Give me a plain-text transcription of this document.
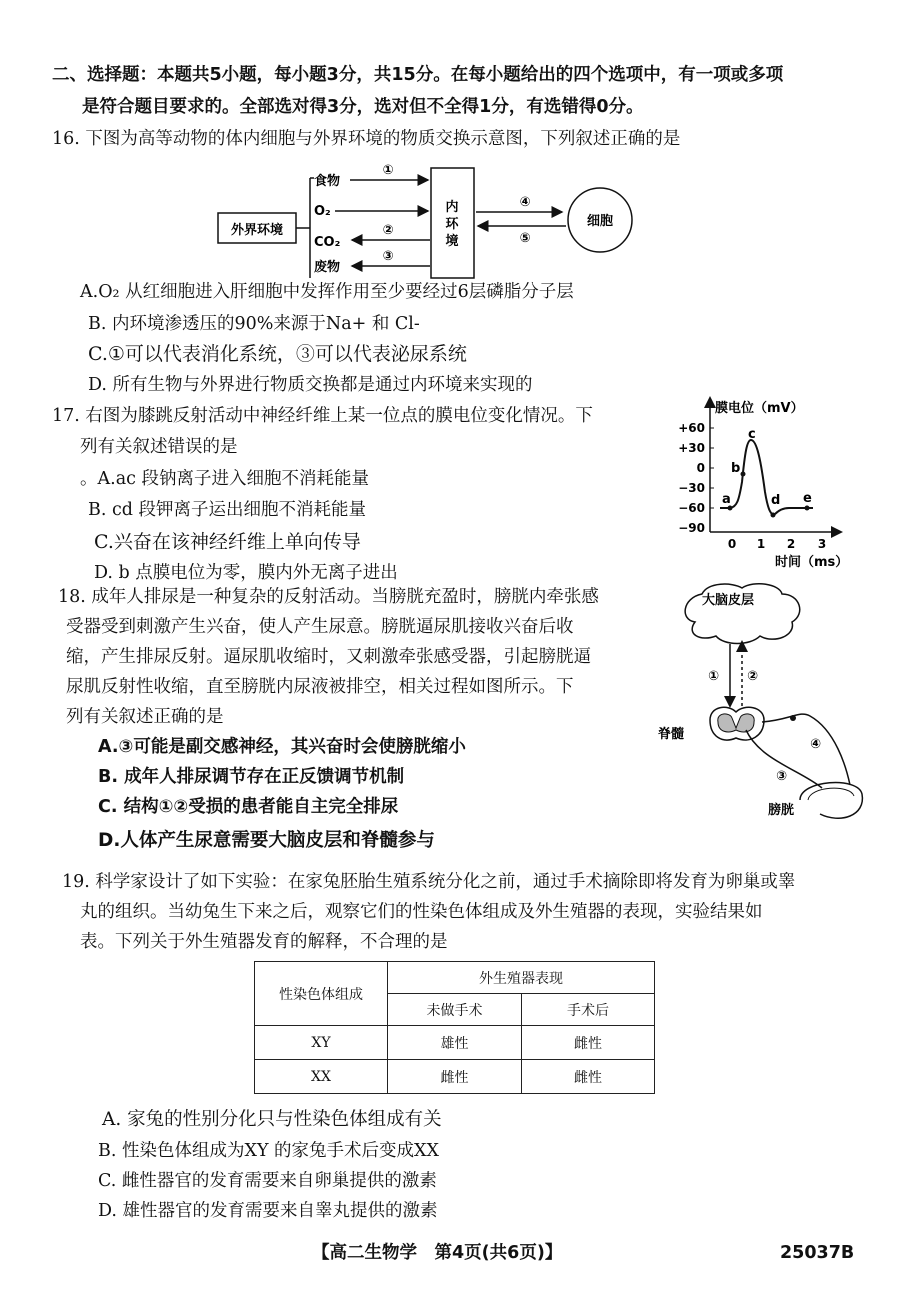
二、选择题：本题共5小题，每小题3分，共15分。在每小题给出的四个选项中，有一项或多项
是符合题目要求的。全部选对得3分，选对但不全得1分，有选错得0分。
16. 下图为高等动物的体内细胞与外界环境的物质交换示意图，下列叙述正确的是
外界环境
食物
①
O₂
CO₂
②
废物
③
内
环
境
④
⑤
细胞
A.O₂ 从红细胞进入肝细胞中发挥作用至少要经过6层磷脂分子层
B. 内环境渗透压的90%来源于Na+ 和 Cl-
C.①可以代表消化系统，③可以代表泌尿系统
D. 所有生物与外界进行物质交换都是通过内环境来实现的
17. 右图为膝跳反射活动中神经纤维上某一位点的膜电位变化情况。下
列有关叙述错误的是
。A.ac 段钠离子进入细胞不消耗能量
B. cd 段钾离子运出细胞不消耗能量
C.兴奋在该神经纤维上单向传导
D. b 点膜电位为零，膜内外无离子进出
膜电位（mV）
+60
+30
0
−30
−60
−90
0 1 2 3
a
b
c
d e
时间（ms）
18. 成年人排尿是一种复杂的反射活动。当膀胱充盈时，膀胱内牵张感
受器受到刺激产生兴奋，使人产生尿意。膀胱逼尿肌接收兴奋后收
缩，产生排尿反射。逼尿肌收缩时，又刺激牵张感受器，引起膀胱逼
尿肌反射性收缩，直至膀胱内尿液被排空，相关过程如图所示。下
列有关叙述正确的是
A.③可能是副交感神经，其兴奋时会使膀胱缩小
B. 成年人排尿调节存在正反馈调节机制
C. 结构①②受损的患者能自主完全排尿
D.人体产生尿意需要大脑皮层和脊髓参与
大脑皮层
① ②
脊髓
④
③
膀胱
19. 科学家设计了如下实验：在家兔胚胎生殖系统分化之前，通过手术摘除即将发育为卵巢或睾
丸的组织。当幼兔生下来之后，观察它们的性染色体组成及外生殖器的表现，实验结果如
表。下列关于外生殖器发育的解释，不合理的是
性染色体组成	外生殖器表现	
	未做手术	手术后
XY	雄性	雌性
XX	雌性	雌性
A. 家兔的性别分化只与性染色体组成有关
B. 性染色体组成为XY 的家兔手术后变成XX
C. 雌性器官的发育需要来自卵巢提供的激素
D. 雄性器官的发育需要来自睾丸提供的激素
【高二生物学　第4页(共6页)】	25037B
